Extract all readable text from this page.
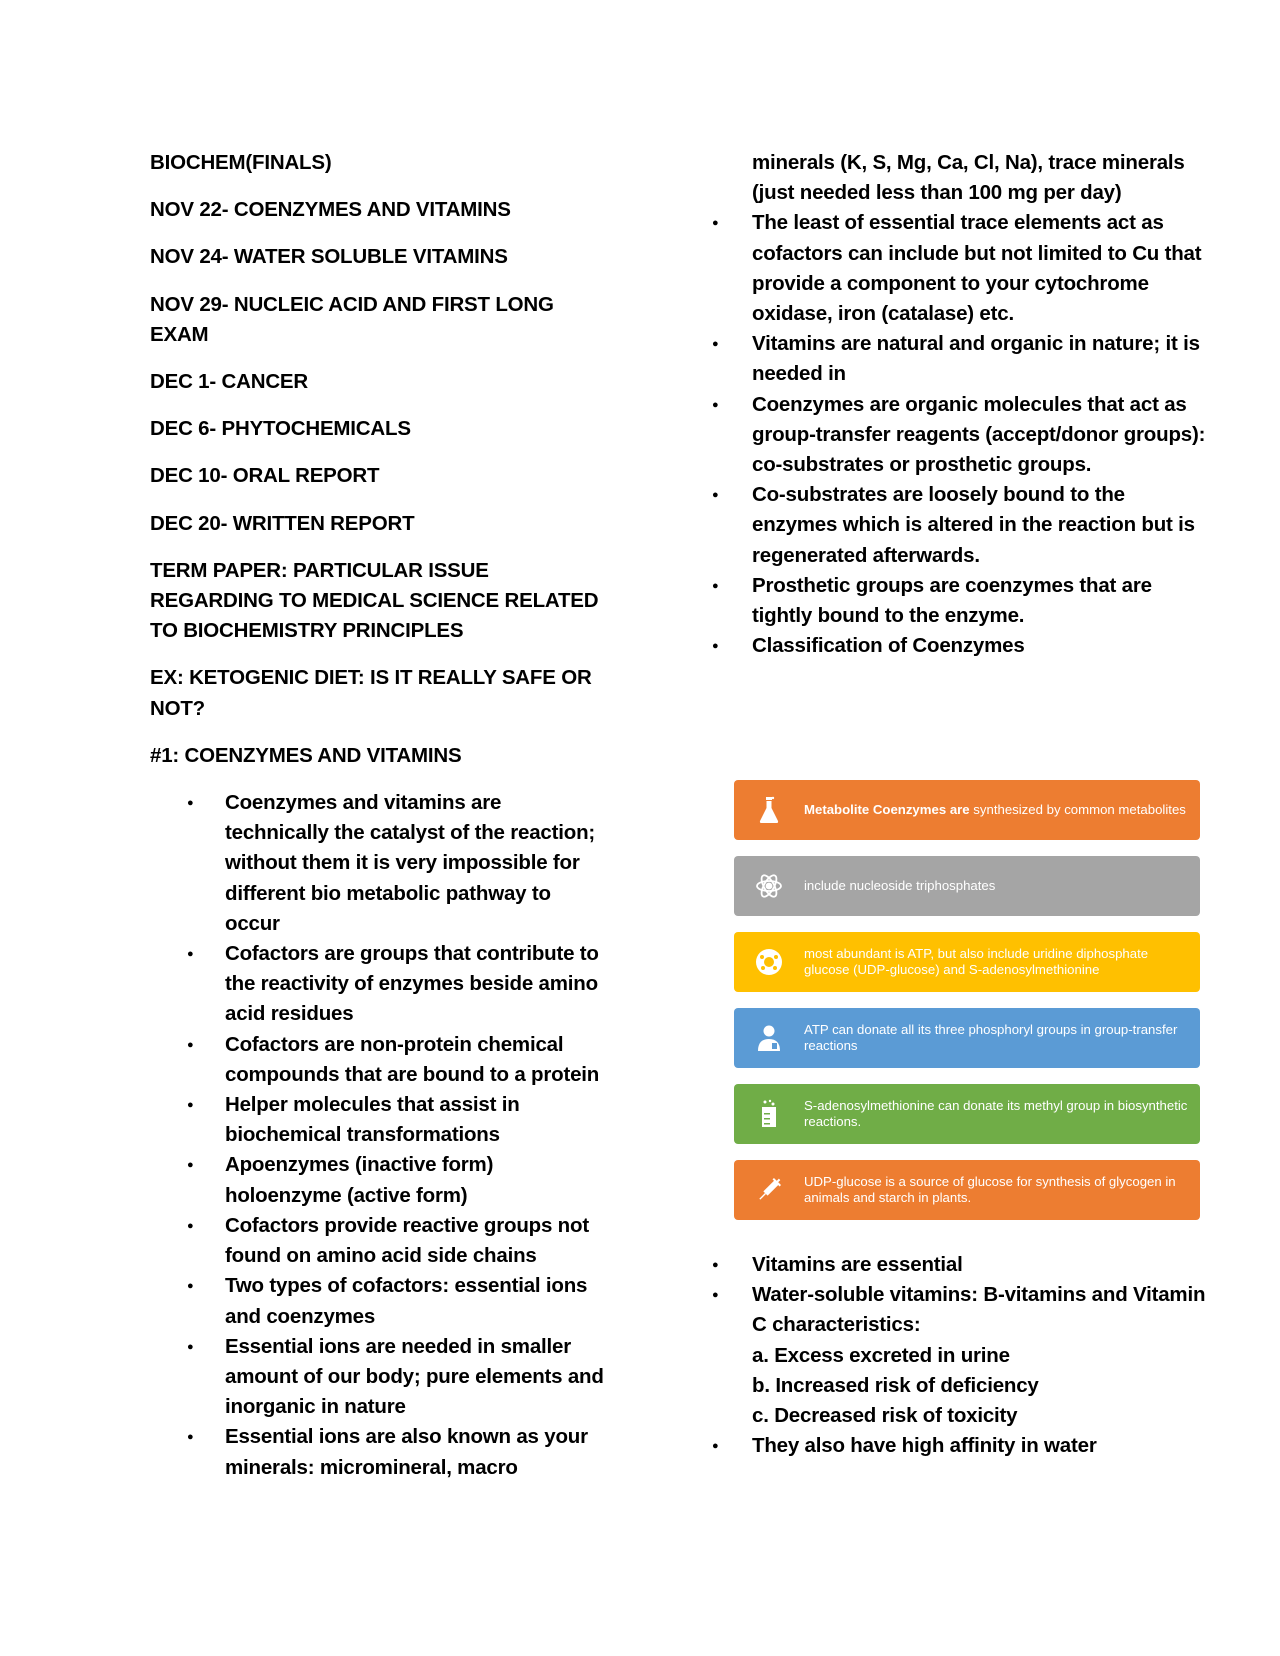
BIOCHEM(FINALS)

NOV 22- COENZYMES AND VITAMINS

NOV 24- WATER SOLUBLE VITAMINS

NOV 29- NUCLEIC ACID AND FIRST LONG EXAM

DEC 1- CANCER

DEC 6- PHYTOCHEMICALS

DEC 10- ORAL REPORT

DEC 20- WRITTEN REPORT

TERM PAPER: PARTICULAR ISSUE REGARDING TO MEDICAL SCIENCE RELATED TO BIOCHEMISTRY PRINCIPLES

EX: KETOGENIC DIET: IS IT REALLY SAFE OR NOT?

#1: COENZYMES AND VITAMINS

● Coenzymes and vitamins are technically the catalyst of the reaction; without them it is very impossible for different bio metabolic pathway to occur
● Cofactors are groups that contribute to the reactivity of enzymes beside amino acid residues
● Cofactors are non-protein chemical compounds that are bound to a protein
● Helper molecules that assist in biochemical transformations
● Apoenzymes (inactive form) holoenzyme (active form)
● Cofactors provide reactive groups not found on amino acid side chains
● Two types of cofactors: essential ions and coenzymes
● Essential ions are needed in smaller amount of our body; pure elements and inorganic in nature
● Essential ions are also known as your minerals: micromineral, macro
minerals (K, S, Mg, Ca, Cl, Na), trace minerals (just needed less than 100 mg per day)
● The least of essential trace elements act as cofactors can include but not limited to Cu that provide a component to your cytochrome oxidase, iron (catalase) etc.
● Vitamins are natural and organic in nature; it is needed in
● Coenzymes are organic molecules that act as group-transfer reagents (accept/donor groups): co-substrates or prosthetic groups.
● Co-substrates are loosely bound to the enzymes which is altered in the reaction but is regenerated afterwards.
● Prosthetic groups are coenzymes that are tightly bound to the enzyme.
● Classification of Coenzymes
Metabolite Coenzymes are synthesized by common metabolites
include nucleoside triphosphates
most abundant is ATP, but also include uridine diphosphate glucose (UDP-glucose) and S-adenosylmethionine
ATP can donate all its three phosphoryl groups in group-transfer reactions
S-adenosylmethionine can donate its methyl group in biosynthetic reactions.
UDP-glucose is a source of glucose for synthesis of glycogen in animals and starch in plants.
● Vitamins are essential
● Water-soluble vitamins: B-vitamins and Vitamin C characteristics:
a. Excess excreted in urine
b. Increased risk of deficiency
c. Decreased risk of toxicity
● They also have high affinity in water
